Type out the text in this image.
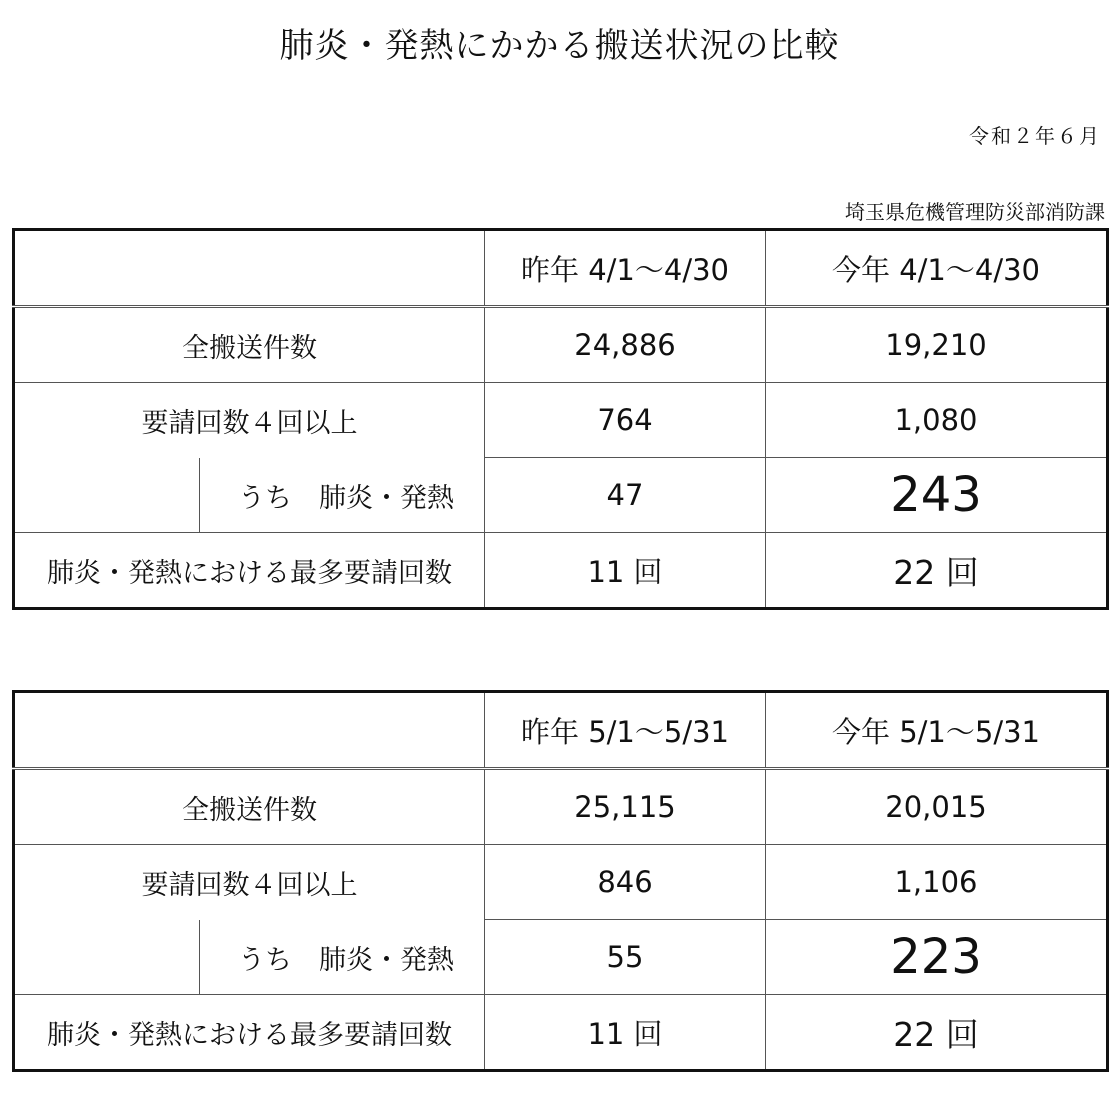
肺炎・発熱にかかる搬送状況の比較
令和２年６月
埼玉県危機管理防災部消防課
		昨年 4/1〜4/30	今年 4/1〜4/30
全搬送件数		24,886	19,210
要請回数４回以上		764	1,080
	うち　肺炎・発熱	47	243
肺炎・発熱における最多要請回数		11 回	22 回
		昨年 5/1〜5/31	今年 5/1〜5/31
全搬送件数		25,115	20,015
要請回数４回以上		846	1,106
	うち　肺炎・発熱	55	223
肺炎・発熱における最多要請回数		11 回	22 回
